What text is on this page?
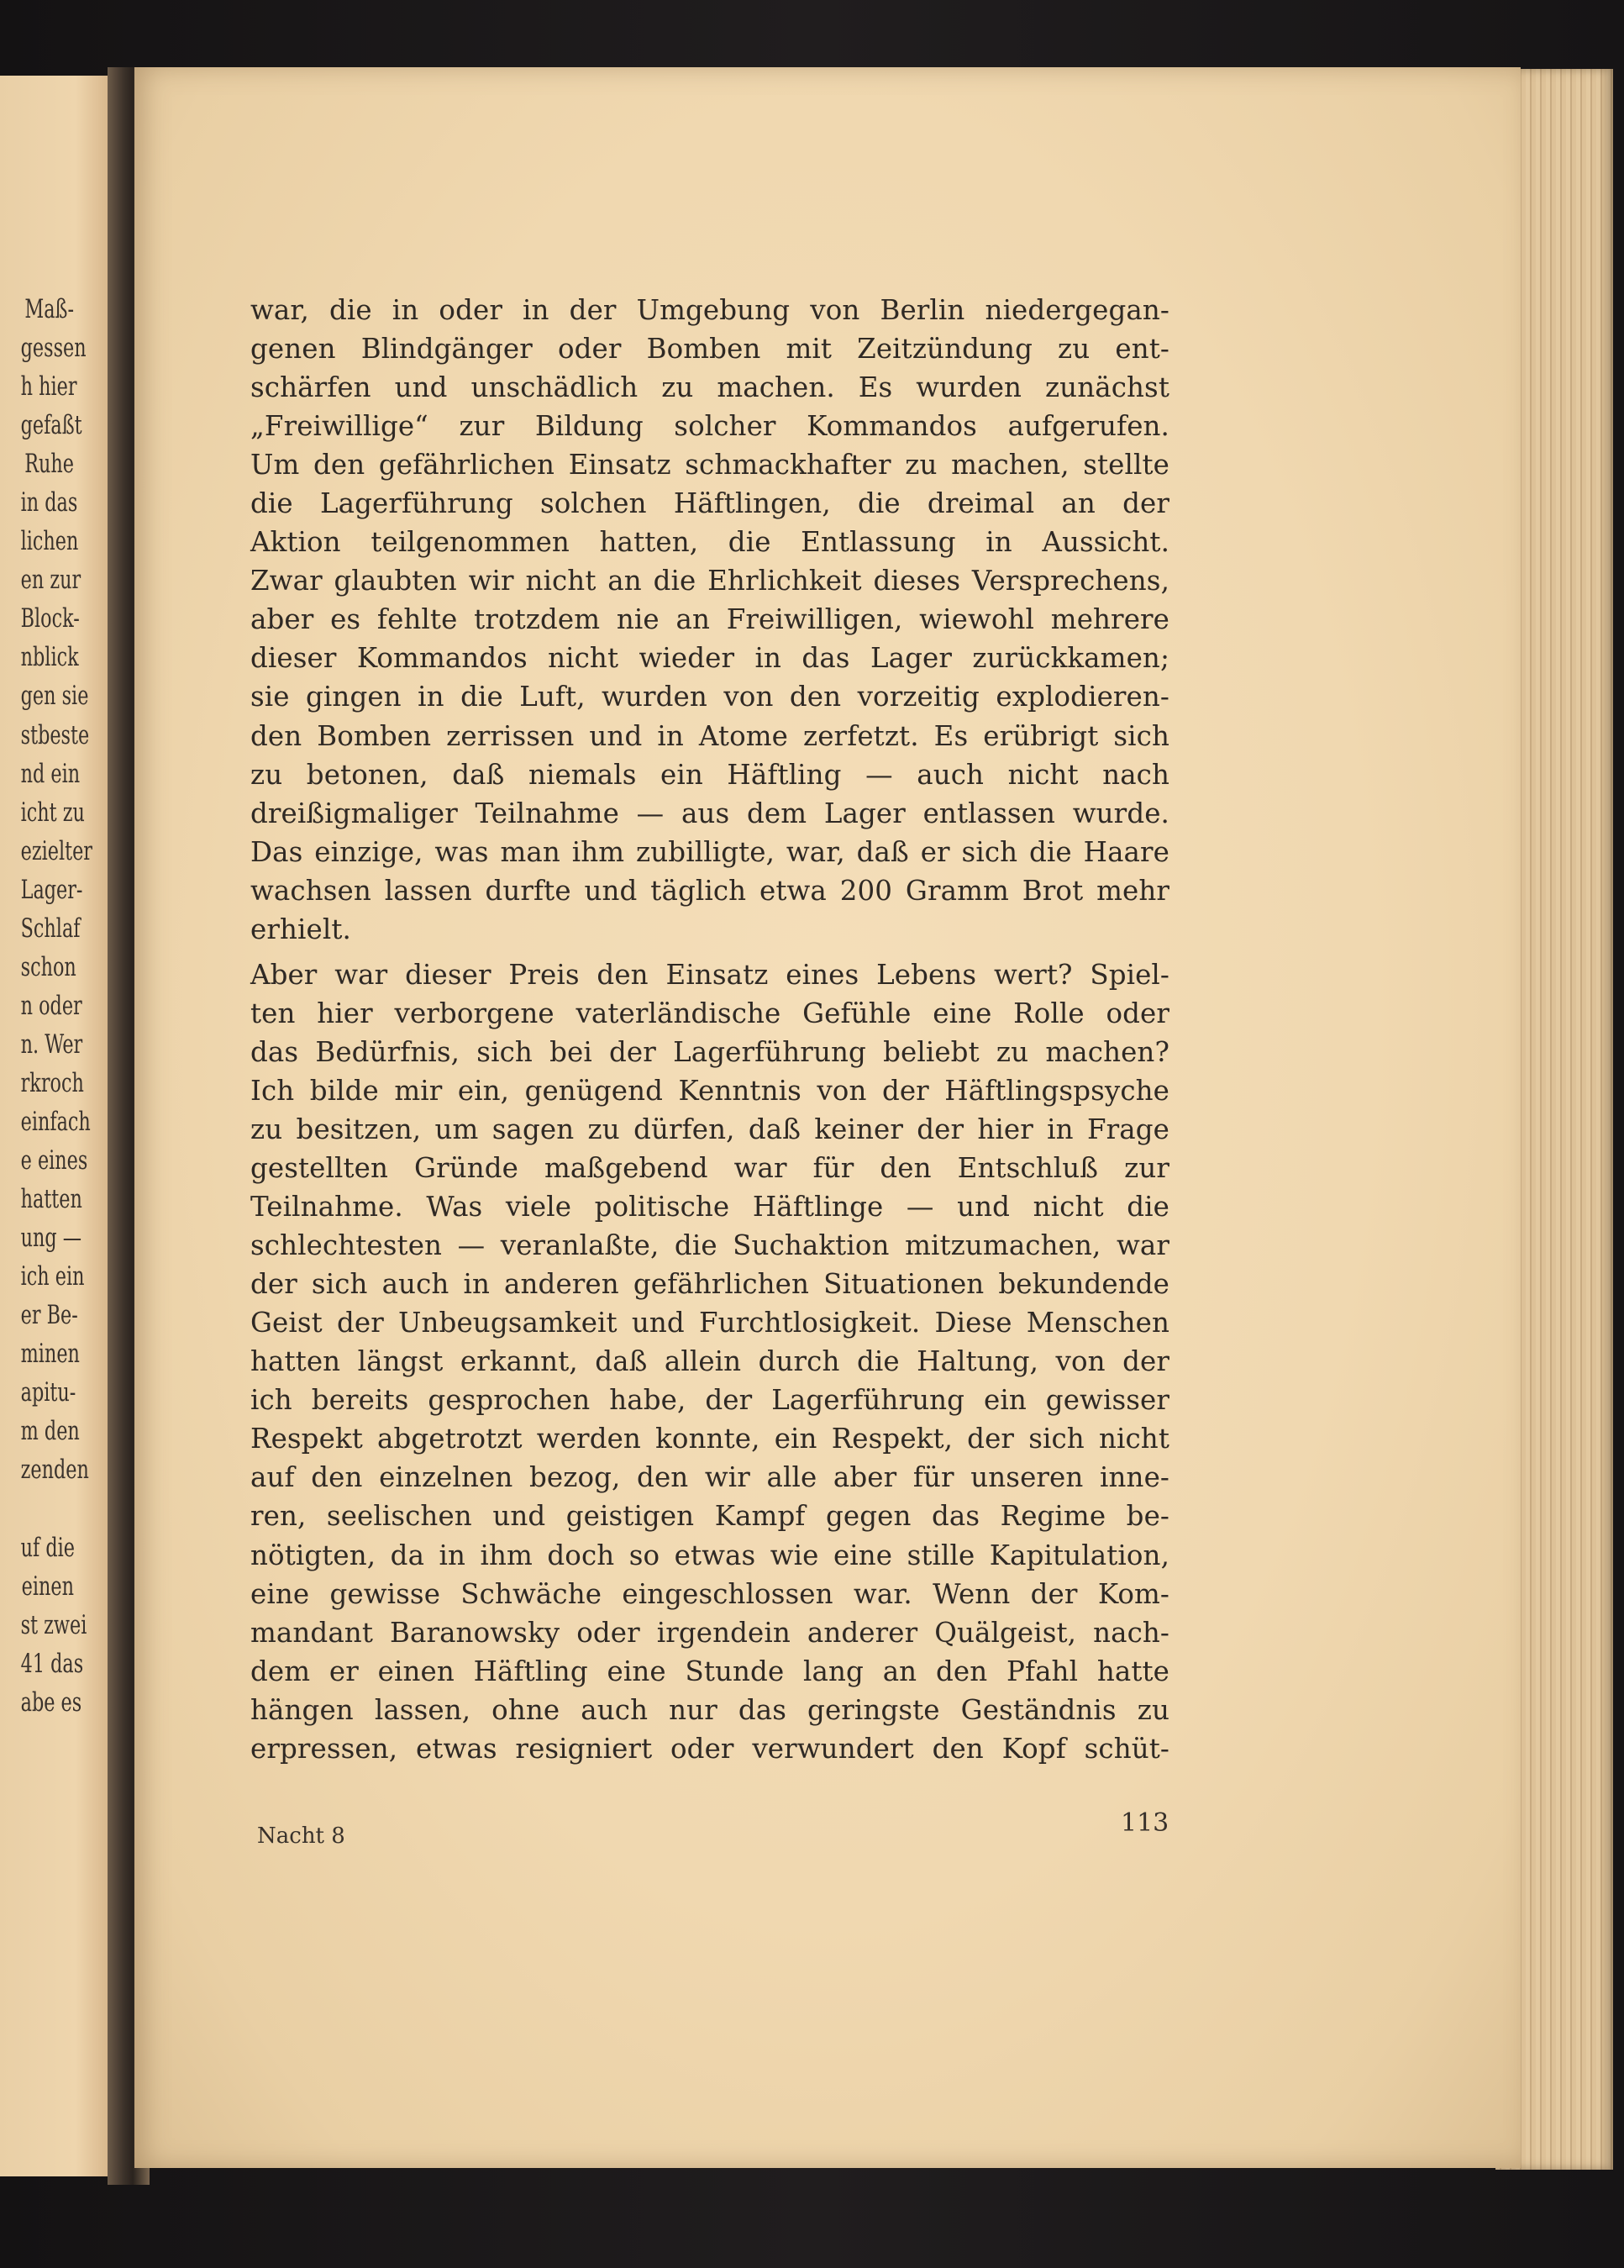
Maß-
gessen
h hier
gefaßt
Ruhe
in das
lichen
en zur
Block-
nblick
gen sie
stbeste
nd ein
icht zu
ezielter
Lager-
Schlaf
schon
n oder
n. Wer
rkroch
einfach
e eines
hatten
ung —
ich ein
er Be-
minen
apitu-
m den
zenden
uf die
einen
st zwei
41 das
abe es
war, die in oder in der Umgebung von Berlin niedergegan-
genen Blindgänger oder Bomben mit Zeitzündung zu ent-
schärfen und unschädlich zu machen. Es wurden zunächst
„Freiwillige“ zur Bildung solcher Kommandos aufgerufen.
Um den gefährlichen Einsatz schmackhafter zu machen, stellte
die Lagerführung solchen Häftlingen, die dreimal an der
Aktion teilgenommen hatten, die Entlassung in Aussicht.
Zwar glaubten wir nicht an die Ehrlichkeit dieses Versprechens,
aber es fehlte trotzdem nie an Freiwilligen, wiewohl mehrere
dieser Kommandos nicht wieder in das Lager zurückkamen;
sie gingen in die Luft, wurden von den vorzeitig explodieren-
den Bomben zerrissen und in Atome zerfetzt. Es erübrigt sich
zu betonen, daß niemals ein Häftling — auch nicht nach
dreißigmaliger Teilnahme — aus dem Lager entlassen wurde.
Das einzige, was man ihm zubilligte, war, daß er sich die Haare
wachsen lassen durfte und täglich etwa 200 Gramm Brot mehr
erhielt.
Aber war dieser Preis den Einsatz eines Lebens wert? Spiel-
ten hier verborgene vaterländische Gefühle eine Rolle oder
das Bedürfnis, sich bei der Lagerführung beliebt zu machen?
Ich bilde mir ein, genügend Kenntnis von der Häftlingspsyche
zu besitzen, um sagen zu dürfen, daß keiner der hier in Frage
gestellten Gründe maßgebend war für den Entschluß zur
Teilnahme. Was viele politische Häftlinge — und nicht die
schlechtesten — veranlaßte, die Suchaktion mitzumachen, war
der sich auch in anderen gefährlichen Situationen bekundende
Geist der Unbeugsamkeit und Furchtlosigkeit. Diese Menschen
hatten längst erkannt, daß allein durch die Haltung, von der
ich bereits gesprochen habe, der Lagerführung ein gewisser
Respekt abgetrotzt werden konnte, ein Respekt, der sich nicht
auf den einzelnen bezog, den wir alle aber für unseren inne-
ren, seelischen und geistigen Kampf gegen das Regime be-
nötigten, da in ihm doch so etwas wie eine stille Kapitulation,
eine gewisse Schwäche eingeschlossen war. Wenn der Kom-
mandant Baranowsky oder irgendein anderer Quälgeist, nach-
dem er einen Häftling eine Stunde lang an den Pfahl hatte
hängen lassen, ohne auch nur das geringste Geständnis zu
erpressen, etwas resigniert oder verwundert den Kopf schüt-
Nacht 8	113
